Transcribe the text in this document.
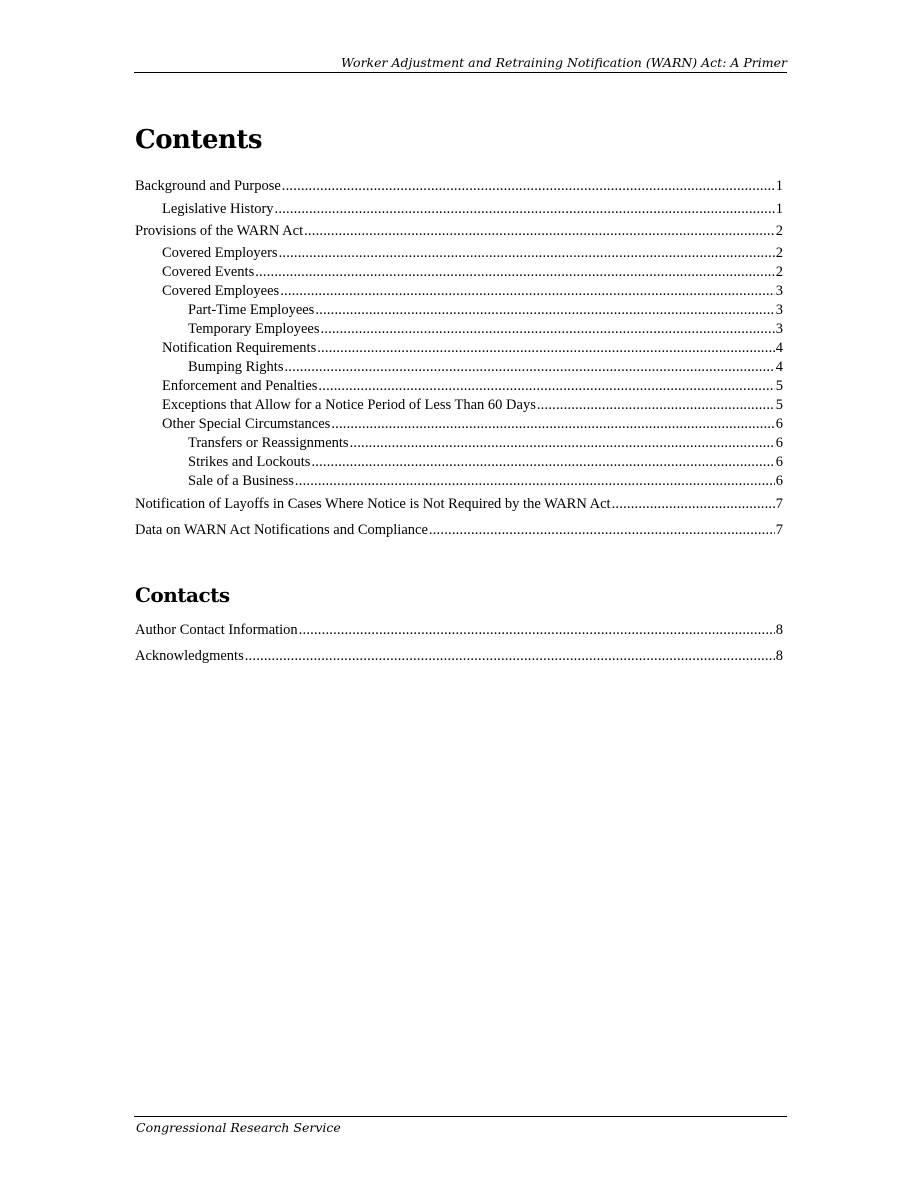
Worker Adjustment and Retraining Notification (WARN) Act: A Primer
Contents
Background and Purpose .....	1
Legislative History .....	1
Provisions of the WARN Act .....	2
Covered Employers .....	2
Covered Events .....	2
Covered Employees .....	3
Part-Time Employees .....	3
Temporary Employees .....	3
Notification Requirements .....	4
Bumping Rights .....	4
Enforcement and Penalties .....	5
Exceptions that Allow for a Notice Period of Less Than 60 Days .....	5
Other Special Circumstances .....	6
Transfers or Reassignments .....	6
Strikes and Lockouts .....	6
Sale of a Business .....	6
Notification of Layoffs in Cases Where Notice is Not Required by the WARN Act .....	7
Data on WARN Act Notifications and Compliance .....	7
Contacts
Author Contact Information .....	8
Acknowledgments .....	8
Congressional Research Service
